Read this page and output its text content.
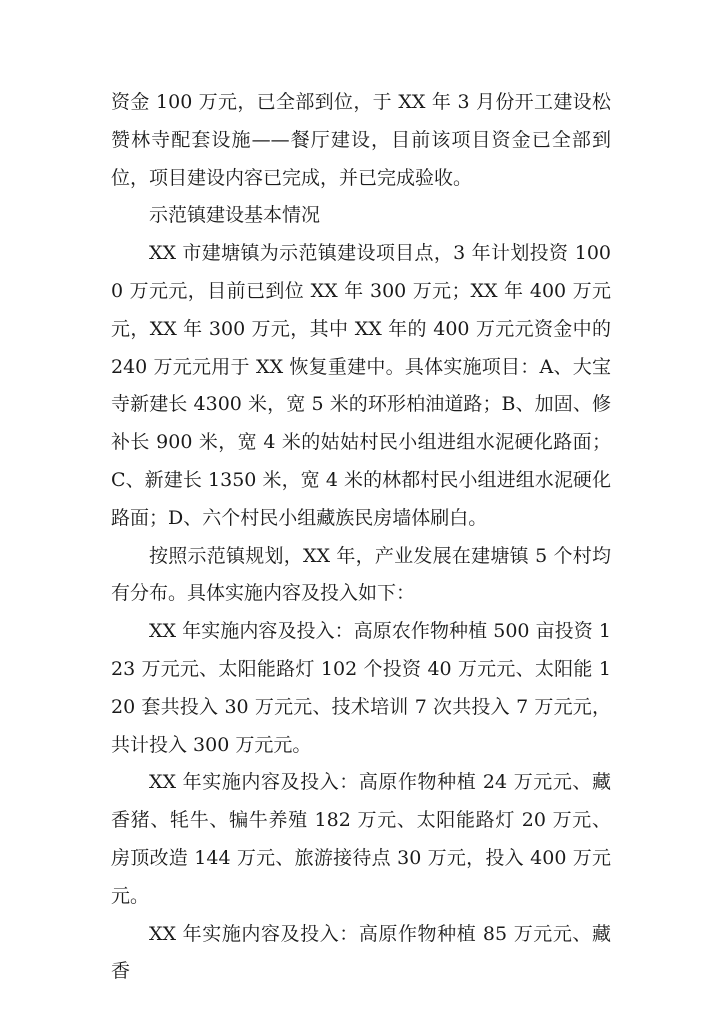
资金 100 万元，已全部到位，于 XX 年 3 月份开工建设松赞林寺配套设施——餐厅建设，目前该项目资金已全部到位，项目建设内容已完成，并已完成验收。

示范镇建设基本情况

XX 市建塘镇为示范镇建设项目点，3 年计划投资 1000 万元元，目前已到位 XX 年 300 万元；XX 年 400 万元元，XX 年 300 万元，其中 XX 年的 400 万元元资金中的 240 万元元用于 XX 恢复重建中。具体实施项目：A、大宝寺新建长 4300 米，宽 5 米的环形柏油道路；B、加固、修补长 900 米，宽 4 米的姑姑村民小组进组水泥硬化路面；C、新建长 1350 米，宽 4 米的林都村民小组进组水泥硬化路面；D、六个村民小组藏族民房墙体刷白。

按照示范镇规划，XX 年，产业发展在建塘镇 5 个村均有分布。具体实施内容及投入如下：

XX 年实施内容及投入：高原农作物种植 500 亩投资 123 万元元、太阳能路灯 102 个投资 40 万元元、太阳能 120 套共投入 30 万元元、技术培训 7 次共投入 7 万元元，共计投入 300 万元元。

XX 年实施内容及投入：高原作物种植 24 万元元、藏香猪、牦牛、犏牛养殖 182 万元、太阳能路灯 20 万元、房顶改造 144 万元、旅游接待点 30 万元，投入 400 万元元。

XX 年实施内容及投入：高原作物种植 85 万元元、藏香
